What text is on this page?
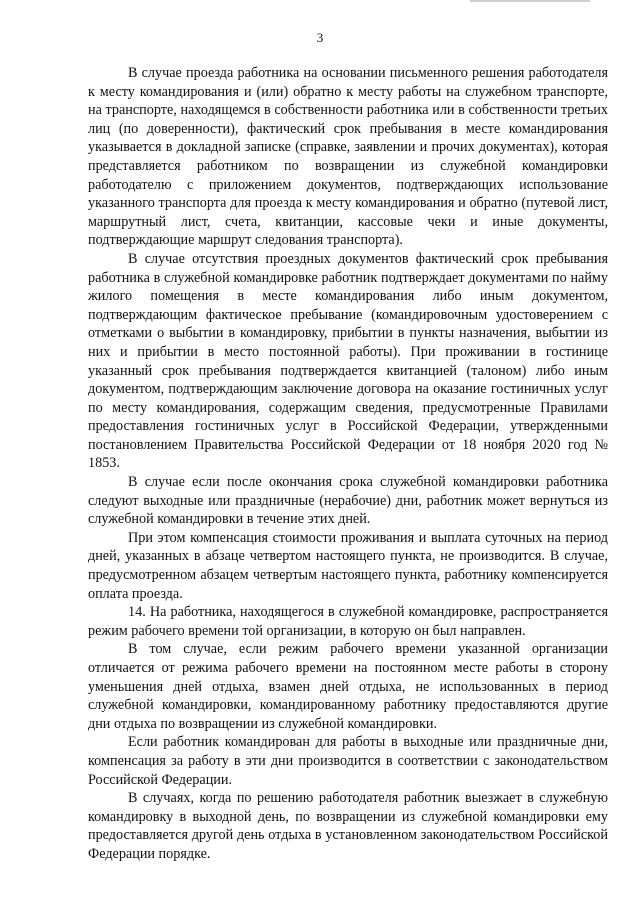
3

В случае проезда работника на основании письменного решения работодателя к месту командирования и (или) обратно к месту работы на служебном транспорте, на транспорте, находящемся в собственности работника или в собственности третьих лиц (по доверенности), фактический срок пребывания в месте командирования указывается в докладной записке (справке, заявлении и прочих документах), которая представляется работником по возвращении из служебной командировки работодателю с приложением документов, подтверждающих использование указанного транспорта для проезда к месту командирования и обратно (путевой лист, маршрутный лист, счета, квитанции, кассовые чеки и иные документы, подтверждающие маршрут следования транспорта).

В случае отсутствия проездных документов фактический срок пребывания работника в служебной командировке работник подтверждает документами по найму жилого помещения в месте командирования либо иным документом, подтверждающим фактическое пребывание (командировочным удостоверением с отметками о выбытии в командировку, прибытии в пункты назначения, выбытии из них и прибытии в место постоянной работы). При проживании в гостинице указанный срок пребывания подтверждается квитанцией (талоном) либо иным документом, подтверждающим заключение договора на оказание гостиничных услуг по месту командирования, содержащим сведения, предусмотренные Правилами предоставления гостиничных услуг в Российской Федерации, утвержденными постановлением Правительства Российской Федерации от 18 ноября 2020 год № 1853.

В случае если после окончания срока служебной командировки работника следуют выходные или праздничные (нерабочие) дни, работник может вернуться из служебной командировки в течение этих дней.

При этом компенсация стоимости проживания и выплата суточных на период дней, указанных в абзаце четвертом настоящего пункта, не производится. В случае, предусмотренном абзацем четвертым настоящего пункта, работнику компенсируется оплата проезда.

14. На работника, находящегося в служебной командировке, распространяется режим рабочего времени той организации, в которую он был направлен.

В том случае, если режим рабочего времени указанной организации отличается от режима рабочего времени на постоянном месте работы в сторону уменьшения дней отдыха, взамен дней отдыха, не использованных в период служебной командировки, командированному работнику предоставляются другие дни отдыха по возвращении из служебной командировки.

Если работник командирован для работы в выходные или праздничные дни, компенсация за работу в эти дни производится в соответствии с законодательством Российской Федерации.

В случаях, когда по решению работодателя работник выезжает в служебную командировку в выходной день, по возвращении из служебной командировки ему предоставляется другой день отдыха в установленном законодательством Российской Федерации порядке.
